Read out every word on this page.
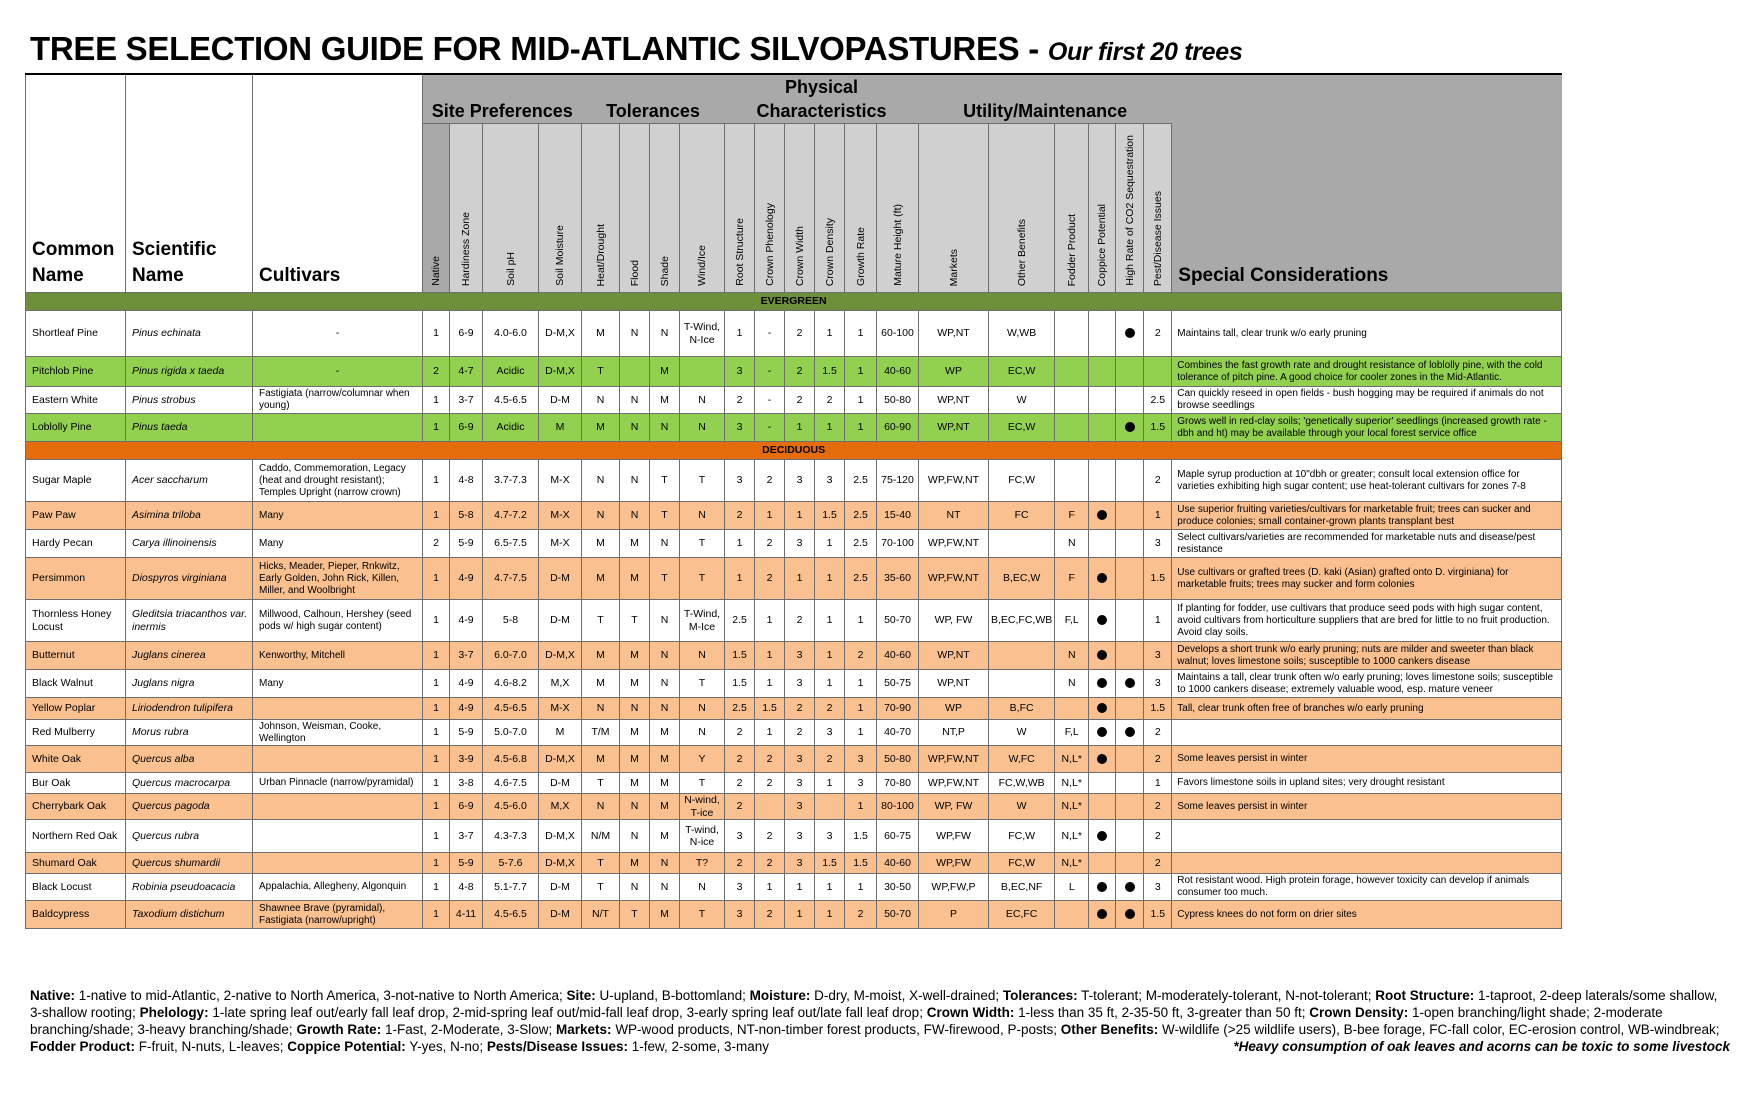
TREE SELECTION GUIDE FOR MID-ATLANTIC SILVOPASTURES - Our first 20 trees
Common Name	Scientific Name	Cultivars	Site Preferences				Tolerances				Physical Characteristics						Utility/Maintenance						Special Considerations

			Native	Hardiness Zone	Soil pH	Soil Moisture	Heat/Drought	Flood	Shade	Wind/Ice	Root Structure	Crown Phenology	Crown Width	Crown Density	Growth Rate	Mature Height (ft)	Markets	Other Benefits	Fodder Product	Coppice Potential	High Rate of CO2 Sequestration	Pest/Disease Issues	

EVERGREEN																							
Shortleaf Pine	Pinus echinata	-	1	6-9	4.0-6.0	D-M,X	M	N	N	T-Wind, N-Ice	1	-	2	1	1	60-100	WP,NT	W,WB				2	Maintains tall, clear trunk w/o early pruning
Pitchlob Pine	Pinus rigida x taeda	-	2	4-7	Acidic	D-M,X	T		M		3	-	2	1.5	1	40-60	WP	EC,W					Combines the fast growth rate and drought resistance of loblolly pine, with the cold tolerance of pitch pine. A good choice for cooler zones in the Mid-Atlantic.
Eastern White	Pinus strobus	Fastigiata (narrow/columnar when young)	1	3-7	4.5-6.5	D-M	N	N	M	N	2	-	2	2	1	50-80	WP,NT	W				2.5	Can quickly reseed in open fields - bush hogging may be required if animals do not browse seedlings
Loblolly Pine	Pinus taeda		1	6-9	Acidic	M	M	N	N	N	3	-	1	1	1	60-90	WP,NT	EC,W				1.5	Grows well in red-clay soils; 'genetically superior' seedlings (increased growth rate - dbh and ht) may be available through your local forest service office
DECIDUOUS																							
Sugar Maple	Acer saccharum	Caddo, Commemoration, Legacy (heat and drought resistant); Temples Upright (narrow crown)	1	4-8	3.7-7.3	M-X	N	N	T	T	3	2	3	3	2.5	75-120	WP,FW,NT	FC,W				2	Maple syrup production at 10"dbh or greater; consult local extension office for varieties exhibiting high sugar content; use heat-tolerant cultivars for zones 7-8
Paw Paw	Asimina triloba	Many	1	5-8	4.7-7.2	M-X	N	N	T	N	2	1	1	1.5	2.5	15-40	NT	FC	F			1	Use superior fruiting varieties/cultivars for marketable fruit; trees can sucker and produce colonies; small container-grown plants transplant best
Hardy Pecan	Carya illinoinensis	Many	2	5-9	6.5-7.5	M-X	M	M	N	T	1	2	3	1	2.5	70-100	WP,FW,NT		N			3	Select cultivars/varieties are recommended for marketable nuts and disease/pest resistance
Persimmon	Diospyros virginiana	Hicks, Meader, Pieper, Rnkwitz, Early Golden, John Rick, Killen, Miller, and Woolbright	1	4-9	4.7-7.5	D-M	M	M	T	T	1	2	1	1	2.5	35-60	WP,FW,NT	B,EC,W	F			1.5	Use cultivars or grafted trees (D. kaki (Asian) grafted onto D. virginiana) for marketable fruits; trees may sucker and form colonies
Thornless Honey Locust	Gleditsia triacanthos var. inermis	Millwood, Calhoun, Hershey (seed pods w/ high sugar content)	1	4-9	5-8	D-M	T	T	N	T-Wind, M-Ice	2.5	1	2	1	1	50-70	WP, FW	B,EC,FC,WB	F,L			1	If planting for fodder, use cultivars that produce seed pods with high sugar content, avoid cultivars from horticulture suppliers that are bred for little to no fruit production. Avoid clay soils.
Butternut	Juglans cinerea	Kenworthy, Mitchell	1	3-7	6.0-7.0	D-M,X	M	M	N	N	1.5	1	3	1	2	40-60	WP,NT		N			3	Develops a short trunk w/o early pruning; nuts are milder and sweeter than black walnut; loves limestone soils; susceptible to 1000 cankers disease
Black Walnut	Juglans nigra	Many	1	4-9	4.6-8.2	M,X	M	M	N	T	1.5	1	3	1	1	50-75	WP,NT		N			3	Maintains a tall, clear trunk often w/o early pruning; loves limestone soils; susceptible to 1000 cankers disease; extremely valuable wood, esp. mature veneer
Yellow Poplar	Liriodendron tulipifera		1	4-9	4.5-6.5	M-X	N	N	N	N	2.5	1.5	2	2	1	70-90	WP	B,FC				1.5	Tall, clear trunk often free of branches w/o early pruning
Red Mulberry	Morus rubra	Johnson, Weisman, Cooke, Wellington	1	5-9	5.0-7.0	M	T/M	M	M	N	2	1	2	3	1	40-70	NT,P	W	F,L			2	
White Oak	Quercus alba		1	3-9	4.5-6.8	D-M,X	M	M	M	Y	2	2	3	2	3	50-80	WP,FW,NT	W,FC	N,L*			2	Some leaves persist in winter
Bur Oak	Quercus macrocarpa	Urban Pinnacle (narrow/pyramidal)	1	3-8	4.6-7.5	D-M	T	M	M	T	2	2	3	1	3	70-80	WP,FW,NT	FC,W,WB	N,L*			1	Favors limestone soils in upland sites; very drought resistant
Cherrybark Oak	Quercus pagoda		1	6-9	4.5-6.0	M,X	N	N	M	N-wind, T-ice	2		3		1	80-100	WP, FW	W	N,L*			2	Some leaves persist in winter
Northern Red Oak	Quercus rubra		1	3-7	4.3-7.3	D-M,X	N/M	N	M	T-wind, N-ice	3	2	3	3	1.5	60-75	WP,FW	FC,W	N,L*			2	
Shumard Oak	Quercus shumardii		1	5-9	5-7.6	D-M,X	T	M	N	T?	2	2	3	1.5	1.5	40-60	WP,FW	FC,W	N,L*			2	
Black Locust	Robinia pseudoacacia	Appalachia, Allegheny, Algonquin	1	4-8	5.1-7.7	D-M	T	N	N	N	3	1	1	1	1	30-50	WP,FW,P	B,EC,NF	L			3	Rot resistant wood. High protein forage, however toxicity can develop if animals consumer too much.
Baldcypress	Taxodium distichum	Shawnee Brave (pyramidal), Fastigiata (narrow/upright)	1	4-11	4.5-6.5	D-M	N/T	T	M	T	3	2	1	1	2	50-70	P	EC,FC				1.5	Cypress knees do not form on drier sites
Native: 1-native to mid-Atlantic, 2-native to North America, 3-not-native to North America; Site: U-upland, B-bottomland; Moisture: D-dry, M-moist, X-well-drained; Tolerances: T-tolerant; M-moderately-tolerant, N-not-tolerant; Root Structure: 1-taproot, 2-deep laterals/some shallow, 3-shallow rooting; Phelology: 1-late spring leaf out/early fall leaf drop, 2-mid-spring leaf out/mid-fall leaf drop, 3-early spring leaf out/late fall leaf drop; Crown Width: 1-less than 35 ft, 2-35-50 ft, 3-greater than 50 ft; Crown Density: 1-open branching/light shade; 2-moderate branching/shade; 3-heavy branching/shade; Growth Rate: 1-Fast, 2-Moderate, 3-Slow; Markets: WP-wood products, NT-non-timber forest products, FW-firewood, P-posts; Other Benefits: W-wildlife (>25 wildlife users), B-bee forage, FC-fall color, EC-erosion control, WB-windbreak; Fodder Product: F-fruit, N-nuts, L-leaves; Coppice Potential: Y-yes, N-no; Pests/Disease Issues: 1-few, 2-some, 3-many	*Heavy consumption of oak leaves and acorns can be toxic to some livestock
